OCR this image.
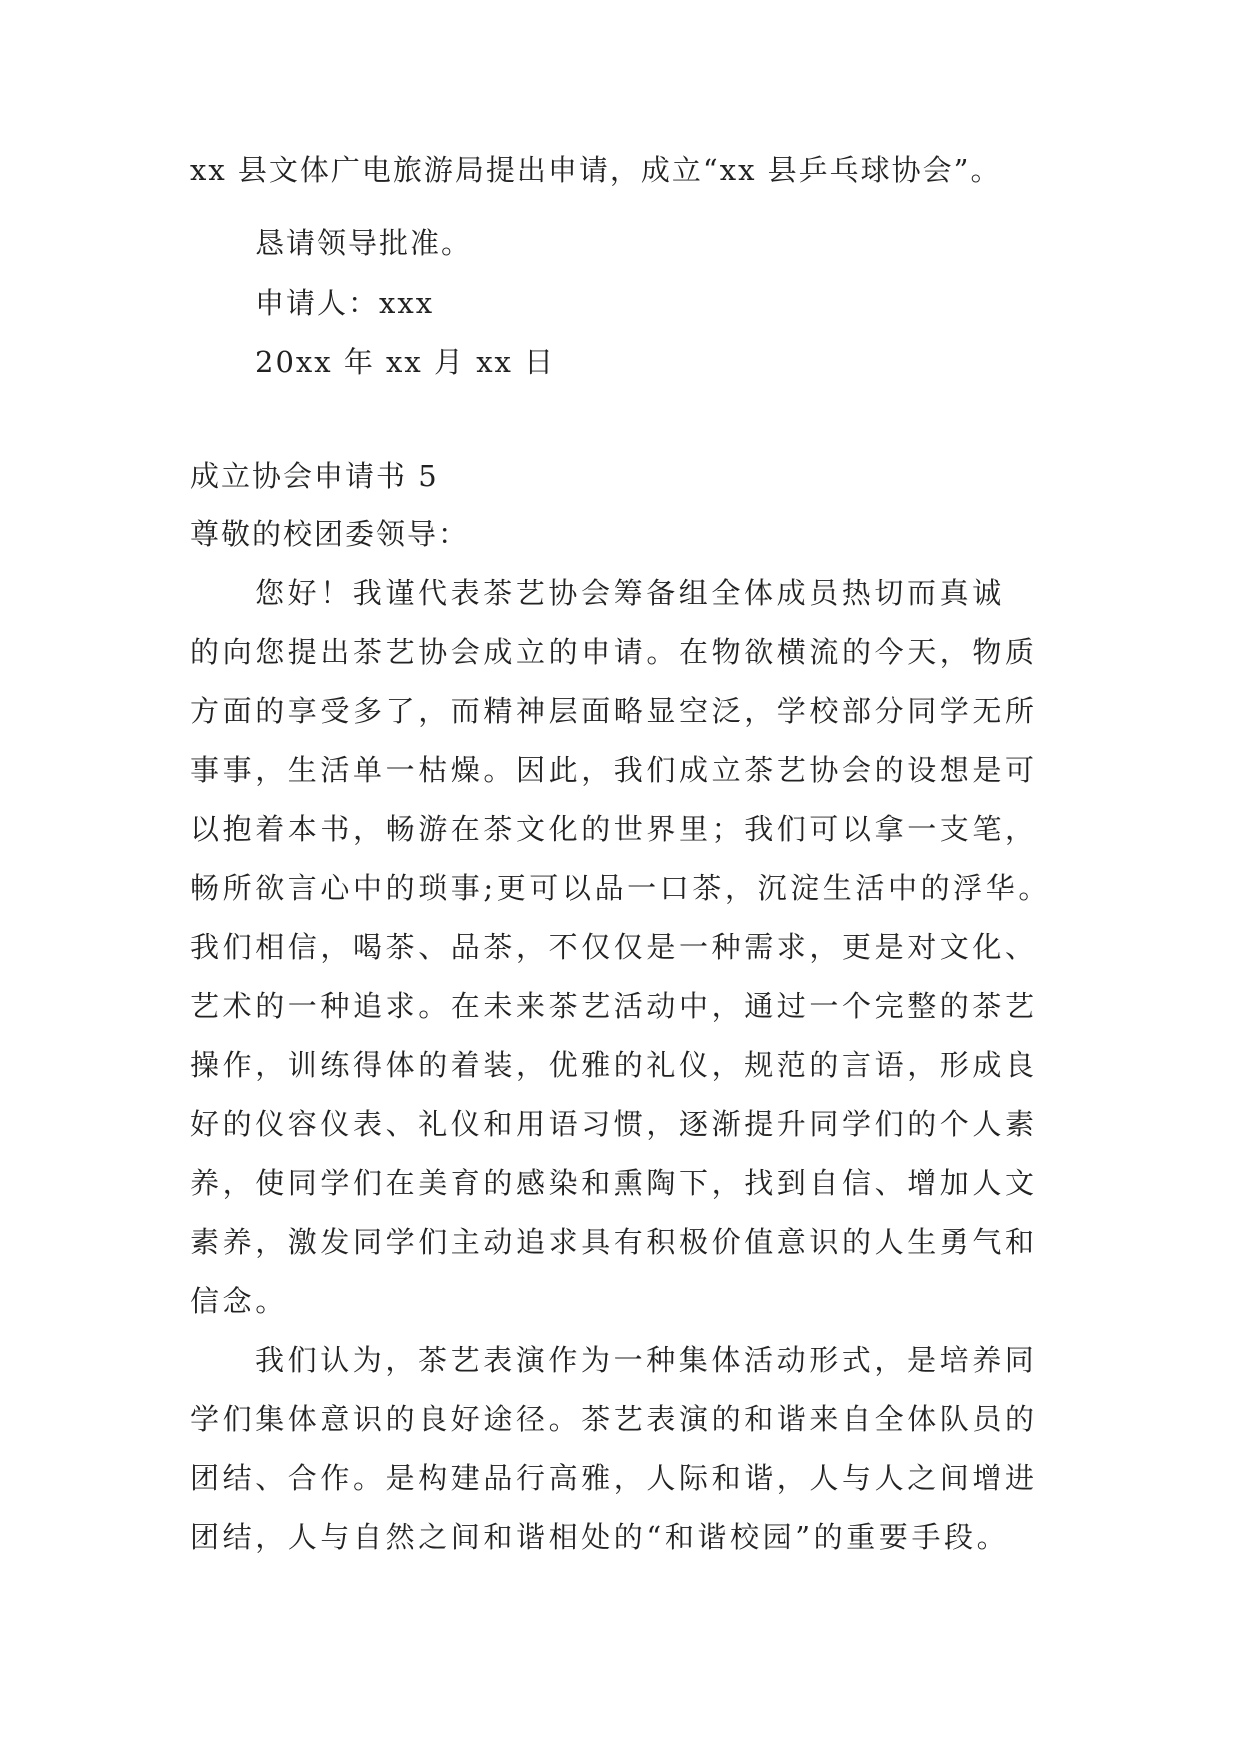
xx 县文体广电旅游局提出申请，成立“xx 县乒乓球协会”。
恳请领导批准。
申请人：xxx
20xx 年 xx 月 xx 日
成立协会申请书 5
尊敬的校团委领导：
您好！我谨代表茶艺协会筹备组全体成员热切而真诚
的向您提出茶艺协会成立的申请。在物欲横流的今天，物质
方面的享受多了，而精神层面略显空泛，学校部分同学无所
事事，生活单一枯燥。因此，我们成立茶艺协会的设想是可
以抱着本书，畅游在茶文化的世界里；我们可以拿一支笔，
畅所欲言心中的琐事;更可以品一口茶，沉淀生活中的浮华。
我们相信，喝茶、品茶，不仅仅是一种需求，更是对文化、
艺术的一种追求。在未来茶艺活动中，通过一个完整的茶艺
操作，训练得体的着装，优雅的礼仪，规范的言语，形成良
好的仪容仪表、礼仪和用语习惯，逐渐提升同学们的个人素
养，使同学们在美育的感染和熏陶下，找到自信、增加人文
素养，激发同学们主动追求具有积极价值意识的人生勇气和
信念。
我们认为，茶艺表演作为一种集体活动形式，是培养同
学们集体意识的良好途径。茶艺表演的和谐来自全体队员的
团结、合作。是构建品行高雅，人际和谐，人与人之间增进
团结，人与自然之间和谐相处的“和谐校园”的重要手段。
